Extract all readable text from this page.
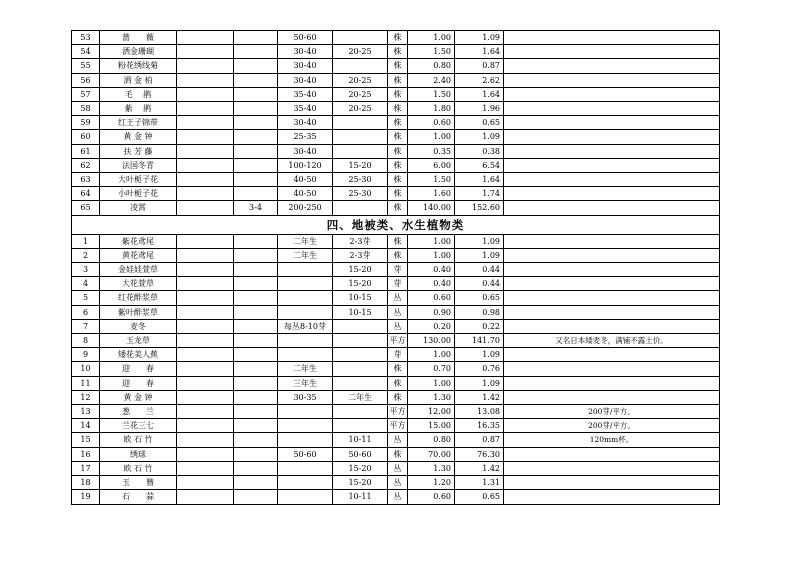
53	蔷　　薇			50-60		株	1.00	1.09	
54	洒金珊瑚			30-40	20-25	株	1.50	1.64	
55	粉花绣线菊			30-40		株	0.80	0.87	
56	洒 金 柏			30-40	20-25	株	2.40	2.62	
57	毛　 鹃			35-40	20-25	株	1.50	1.64	
58	紫　 鹃			35-40	20-25	株	1.80	1.96	
59	红王子锦带			30-40		株	0.60	0.65	
60	黄 金 钟			25-35		株	1.00	1.09	
61	扶 芳 藤			30-40		株	0.35	0.38	
62	法国冬青			100-120	15-20	株	6.00	6.54	
63	大叶栀子花			40-50	25-30	株	1.50	1.64	
64	小叶栀子花			40-50	25-30	株	1.60	1.74	
65	凌霄		3-4	200-250		株	140.00	152.60	
四、地被类、水生植物类									
1	紫花鸢尾			二年生	2-3芽	株	1.00	1.09	
2	黄花鸢尾			二年生	2-3芽	株	1.00	1.09	
3	金娃娃萱草				15-20	芽	0.40	0.44	
4	大花萱草				15-20	芽	0.40	0.44	
5	红花酢浆草				10-15	丛	0.60	0.65	
6	紫叶酢浆草				10-15	丛	0.90	0.98	
7	麦冬			每丛8-10芽		丛	0.20	0.22	
8	玉龙草					平方	130.00	141.70	又名日本矮麦冬，满铺不露土价。
9	矮花美人蕉					芽	1.00	1.09	
10	迎　　春			二年生		株	0.70	0.76	
11	迎　　春			三年生		株	1.00	1.09	
12	黄 金 钟			30-35	二年生	株	1.30	1.42	
13	葱　　兰					平方	12.00	13.08	200芽/平方。
14	兰花三七					平方	15.00	16.35	200芽/平方。
15	欧 石 竹				10-11	丛	0.80	0.87	120mm杯。
16	绣球			50-60	50-60	株	70.00	76.30	
17	欧 石 竹				15-20	丛	1.30	1.42	
18	玉　　簪				15-20	丛	1.20	1.31	
19	石　　蒜				10-11	丛	0.60	0.65	
